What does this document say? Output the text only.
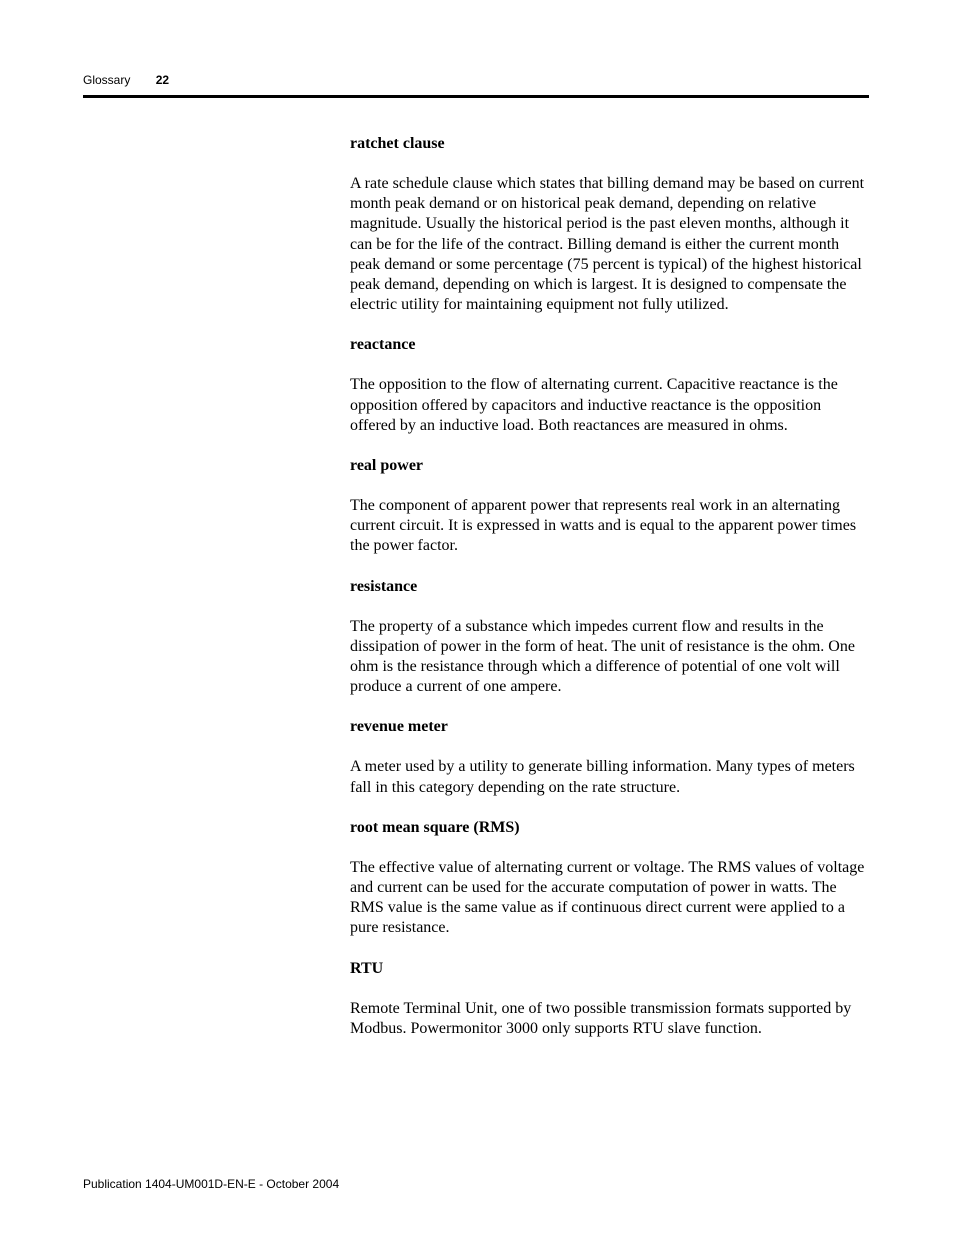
Glossary 22
ratchet clause

A rate schedule clause which states that billing demand may be based on current month peak demand or on historical peak demand, depending on relative magnitude. Usually the historical period is the past eleven months, although it can be for the life of the contract. Billing demand is either the current month peak demand or some percentage (75 percent is typical) of the highest historical peak demand, depending on which is largest. It is designed to compensate the electric utility for maintaining equipment not fully utilized.

reactance

The opposition to the flow of alternating current. Capacitive reactance is the opposition offered by capacitors and inductive reactance is the opposition offered by an inductive load. Both reactances are measured in ohms.

real power

The component of apparent power that represents real work in an alternating current circuit. It is expressed in watts and is equal to the apparent power times the power factor.

resistance

The property of a substance which impedes current flow and results in the dissipation of power in the form of heat. The unit of resistance is the ohm. One ohm is the resistance through which a difference of potential of one volt will produce a current of one ampere.

revenue meter

A meter used by a utility to generate billing information. Many types of meters fall in this category depending on the rate structure.

root mean square (RMS)

The effective value of alternating current or voltage. The RMS values of voltage and current can be used for the accurate computation of power in watts. The RMS value is the same value as if continuous direct current were applied to a pure resistance.

RTU

Remote Terminal Unit, one of two possible transmission formats supported by Modbus. Powermonitor 3000 only supports RTU slave function.

Publication 1404-UM001D-EN-E - October 2004
